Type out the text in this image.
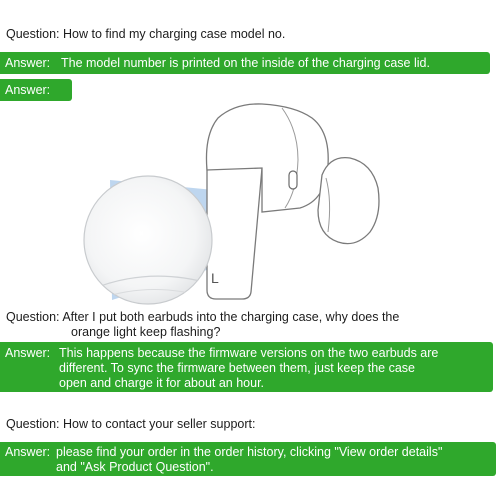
Question: How to find my charging case model no.
Answer: The model number is printed on the inside of the charging case lid.
Answer:
L
Question: After I put both earbuds into the charging case, why does the
orange light keep flashing?
Answer: This happens because the firmware versions on the two earbuds are
different. To sync the firmware between them, just keep the case
open and charge it for about an hour.
Question: How to contact your seller support:
Answer: please find your order in the order history, clicking "View order details"
and "Ask Product Question".
